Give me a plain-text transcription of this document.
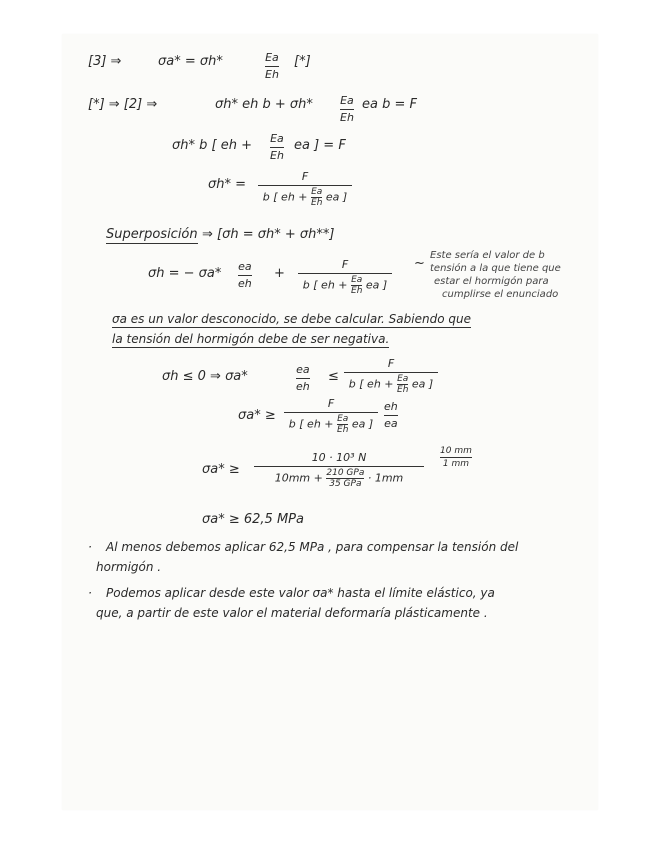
[3] ⇒	σa* = σh*	Ea
Eh
[*]
[*] ⇒ [2] ⇒	σh* eh b + σh* Ea
Eh
ea b = F
σh* b [ eh + Ea
Eh
ea ] = F
σh* =
F
b [ eh + $\frac{Ea}{Eh}$ ea ]
Superposición ⇒ [σh = σh* + σh**]
σh = − σa* ea
eh
+
F
b [ eh + $\frac{Ea}{Eh}$ ea ]
~
Este sería el valor de b
tensión a la que tiene que
estar el hormigón para
cumplirse el enunciado
σa es un valor desconocido, se debe calcular. Sabiendo que
la tensión del hormigón debe de ser negativa.
σh ≤ 0 ⇒ σa*	ea
eh
≤
F
b [ eh + $\frac{Ea}{Eh}$ ea ]
σa* ≥
F
b [ eh + $\frac{Ea}{Eh}$ ea ]
eh
ea
σa* ≥
10 · 10³ N
10mm + 210 GPa
35 GPa · 1mm
10 mm
1 mm
σa* ≥ 62,5 MPa
· Al menos debemos aplicar 62,5 MPa , para compensar la tensión del
hormigón .
· Podemos aplicar desde este valor σa* hasta el límite elástico, ya
que, a partir de este valor el material deformaría plásticamente .
